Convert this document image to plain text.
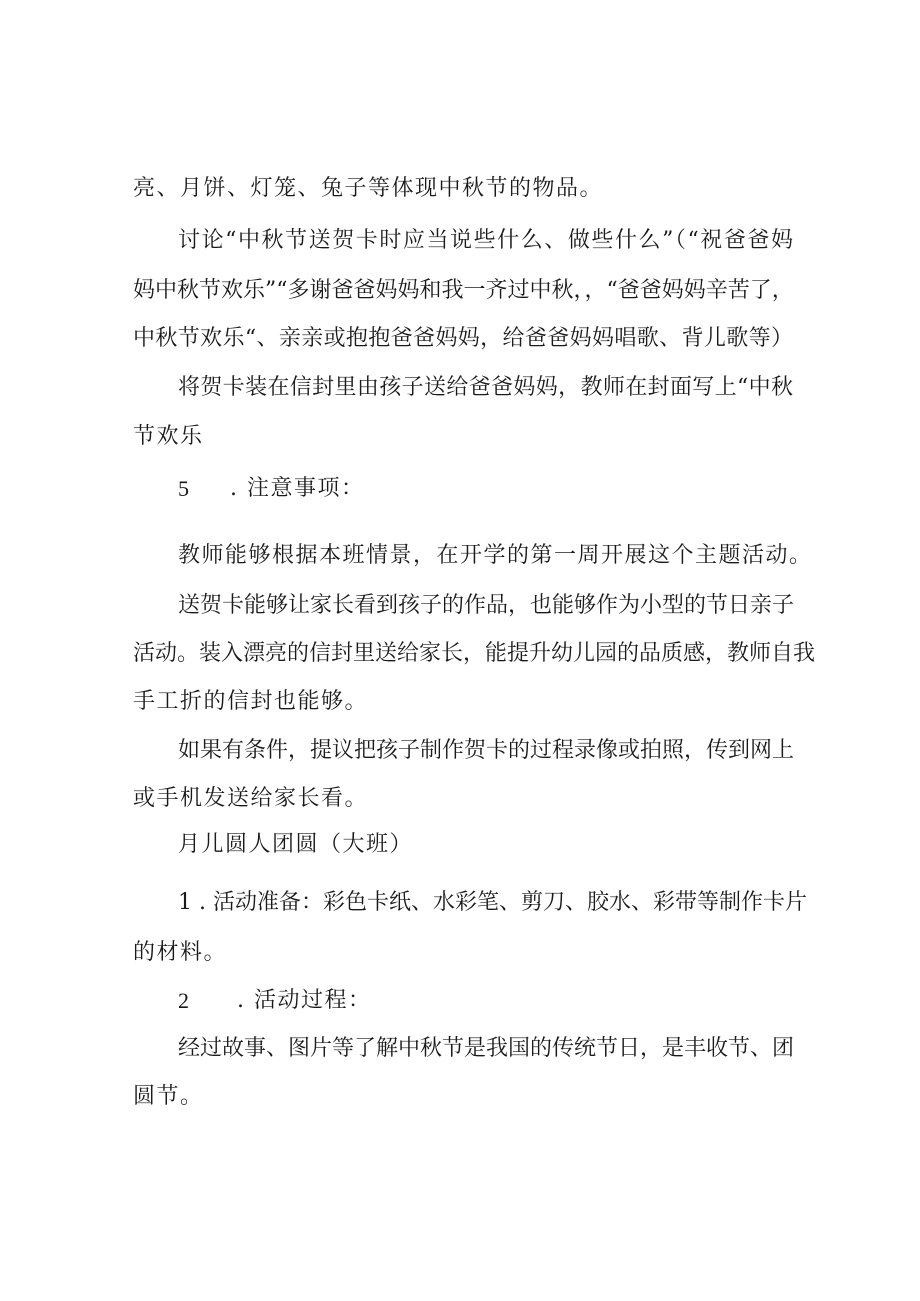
亮、月饼、灯笼、兔子等体现中秋节的物品。

讨论“中秋节送贺卡时应当说些什么、做些什么”（“祝爸爸妈

妈中秋节欢乐”“多谢爸爸妈妈和我一齐过中秋，，“爸爸妈妈辛苦了，

中秋节欢乐“、亲亲或抱抱爸爸妈妈，给爸爸妈妈唱歌、背儿歌等）

将贺卡装在信封里由孩子送给爸爸妈妈，教师在封面写上“中秋

节欢乐

5 . 注意事项：

教师能够根据本班情景，在开学的第一周开展这个主题活动。

送贺卡能够让家长看到孩子的作品，也能够作为小型的节日亲子

活动。装入漂亮的信封里送给家长，能提升幼儿园的品质感，教师自我

手工折的信封也能够。

如果有条件，提议把孩子制作贺卡的过程录像或拍照，传到网上

或手机发送给家长看。

月儿圆人团圆（大班）

1 . 活动准备：彩色卡纸、水彩笔、剪刀、胶水、彩带等制作卡片

的材料。

2 . 活动过程：

经过故事、图片等了解中秋节是我国的传统节日，是丰收节、团

圆节。
